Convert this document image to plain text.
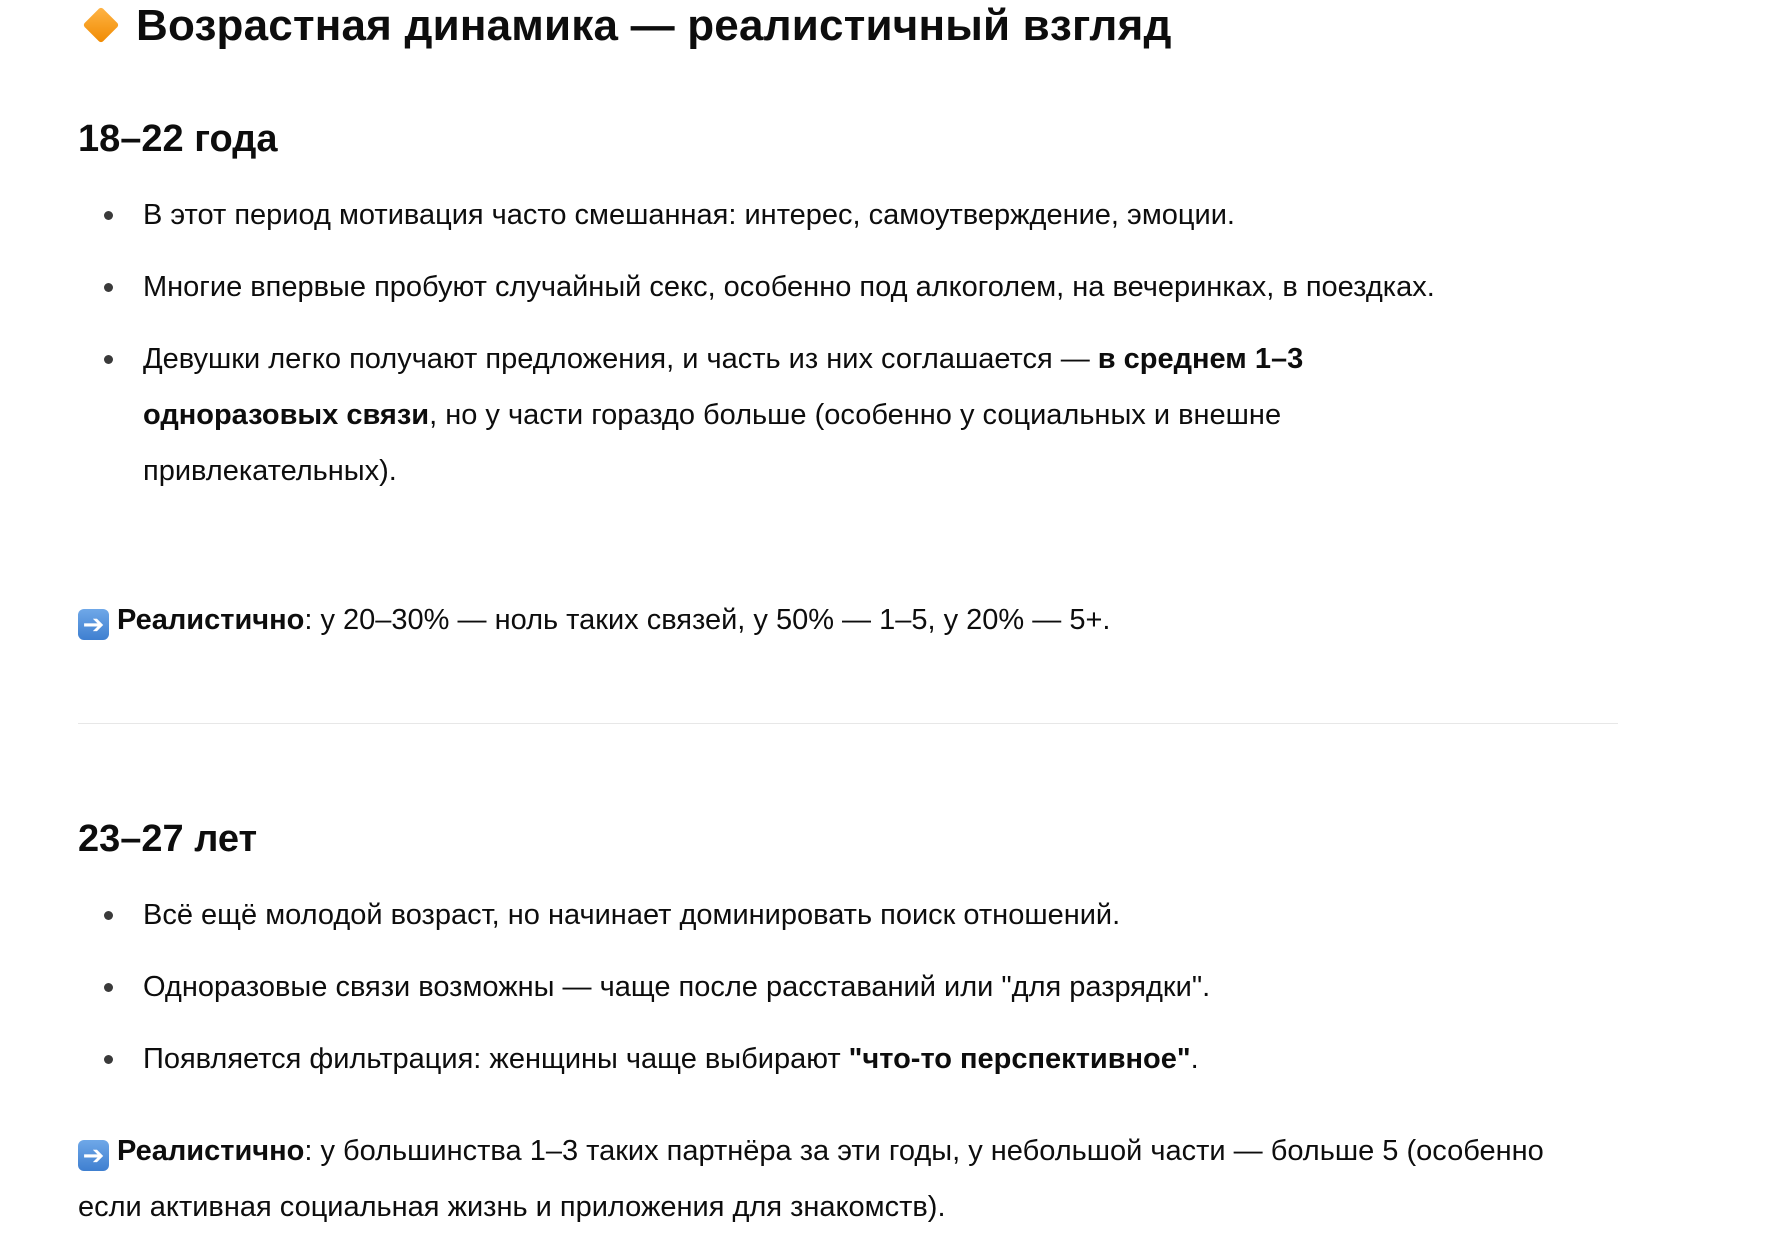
Возрастная динамика — реалистичный взгляд
18–22 года
В этот период мотивация часто смешанная: интерес, самоутверждение, эмоции.
Многие впервые пробуют случайный секс, особенно под алкоголем, на вечеринках, в поездках.
Девушки легко получают предложения, и часть из них соглашается — в среднем 1–3 одноразовых связи, но у части гораздо больше (особенно у социальных и внешне привлекательных).

➔ Реалистично: у 20–30% — ноль таких связей, у 50% — 1–5, у 20% — 5+.

23–27 лет
Всё ещё молодой возраст, но начинает доминировать поиск отношений.
Одноразовые связи возможны — чаще после расставаний или "для разрядки".
Появляется фильтрация: женщины чаще выбирают "что-то перспективное".

➔ Реалистично: у большинства 1–3 таких партнёра за эти годы, у небольшой части — больше 5 (особенно если активная социальная жизнь и приложения для знакомств).
